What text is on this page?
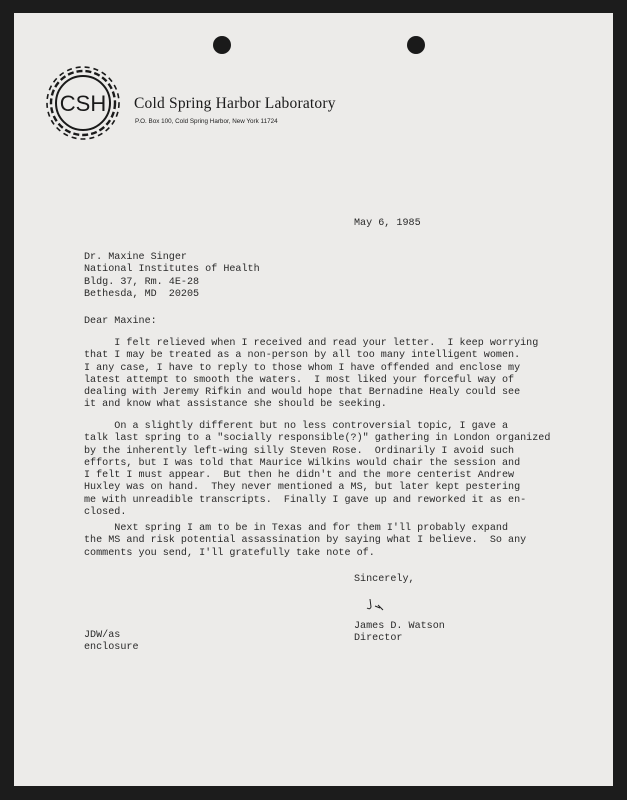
CSH Cold Spring Harbor Laboratory
P.O. Box 100, Cold Spring Harbor, New York 11724
May 6, 1985
Dr. Maxine Singer
National Institutes of Health
Bldg. 37, Rm. 4E-28
Bethesda, MD  20205
Dear Maxine:
I felt relieved when I received and read your letter.  I keep worrying
that I may be treated as a non-person by all too many intelligent women.
I any case, I have to reply to those whom I have offended and enclose my
latest attempt to smooth the waters.  I most liked your forceful way of
dealing with Jeremy Rifkin and would hope that Bernadine Healy could see
it and know what assistance she should be seeking.
On a slightly different but no less controversial topic, I gave a
talk last spring to a "socially responsible(?)" gathering in London organized
by the inherently left-wing silly Steven Rose.  Ordinarily I avoid such
efforts, but I was told that Maurice Wilkins would chair the session and
I felt I must appear.  But then he didn't and the more centerist Andrew
Huxley was on hand.  They never mentioned a MS, but later kept pestering
me with unreadible transcripts.  Finally I gave up and reworked it as en-
closed.
Next spring I am to be in Texas and for them I'll probably expand
the MS and risk potential assassination by saying what I believe.  So any
comments you send, I'll gratefully take note of.
Sincerely,
James D. Watson
Director
JDW/as
enclosure
